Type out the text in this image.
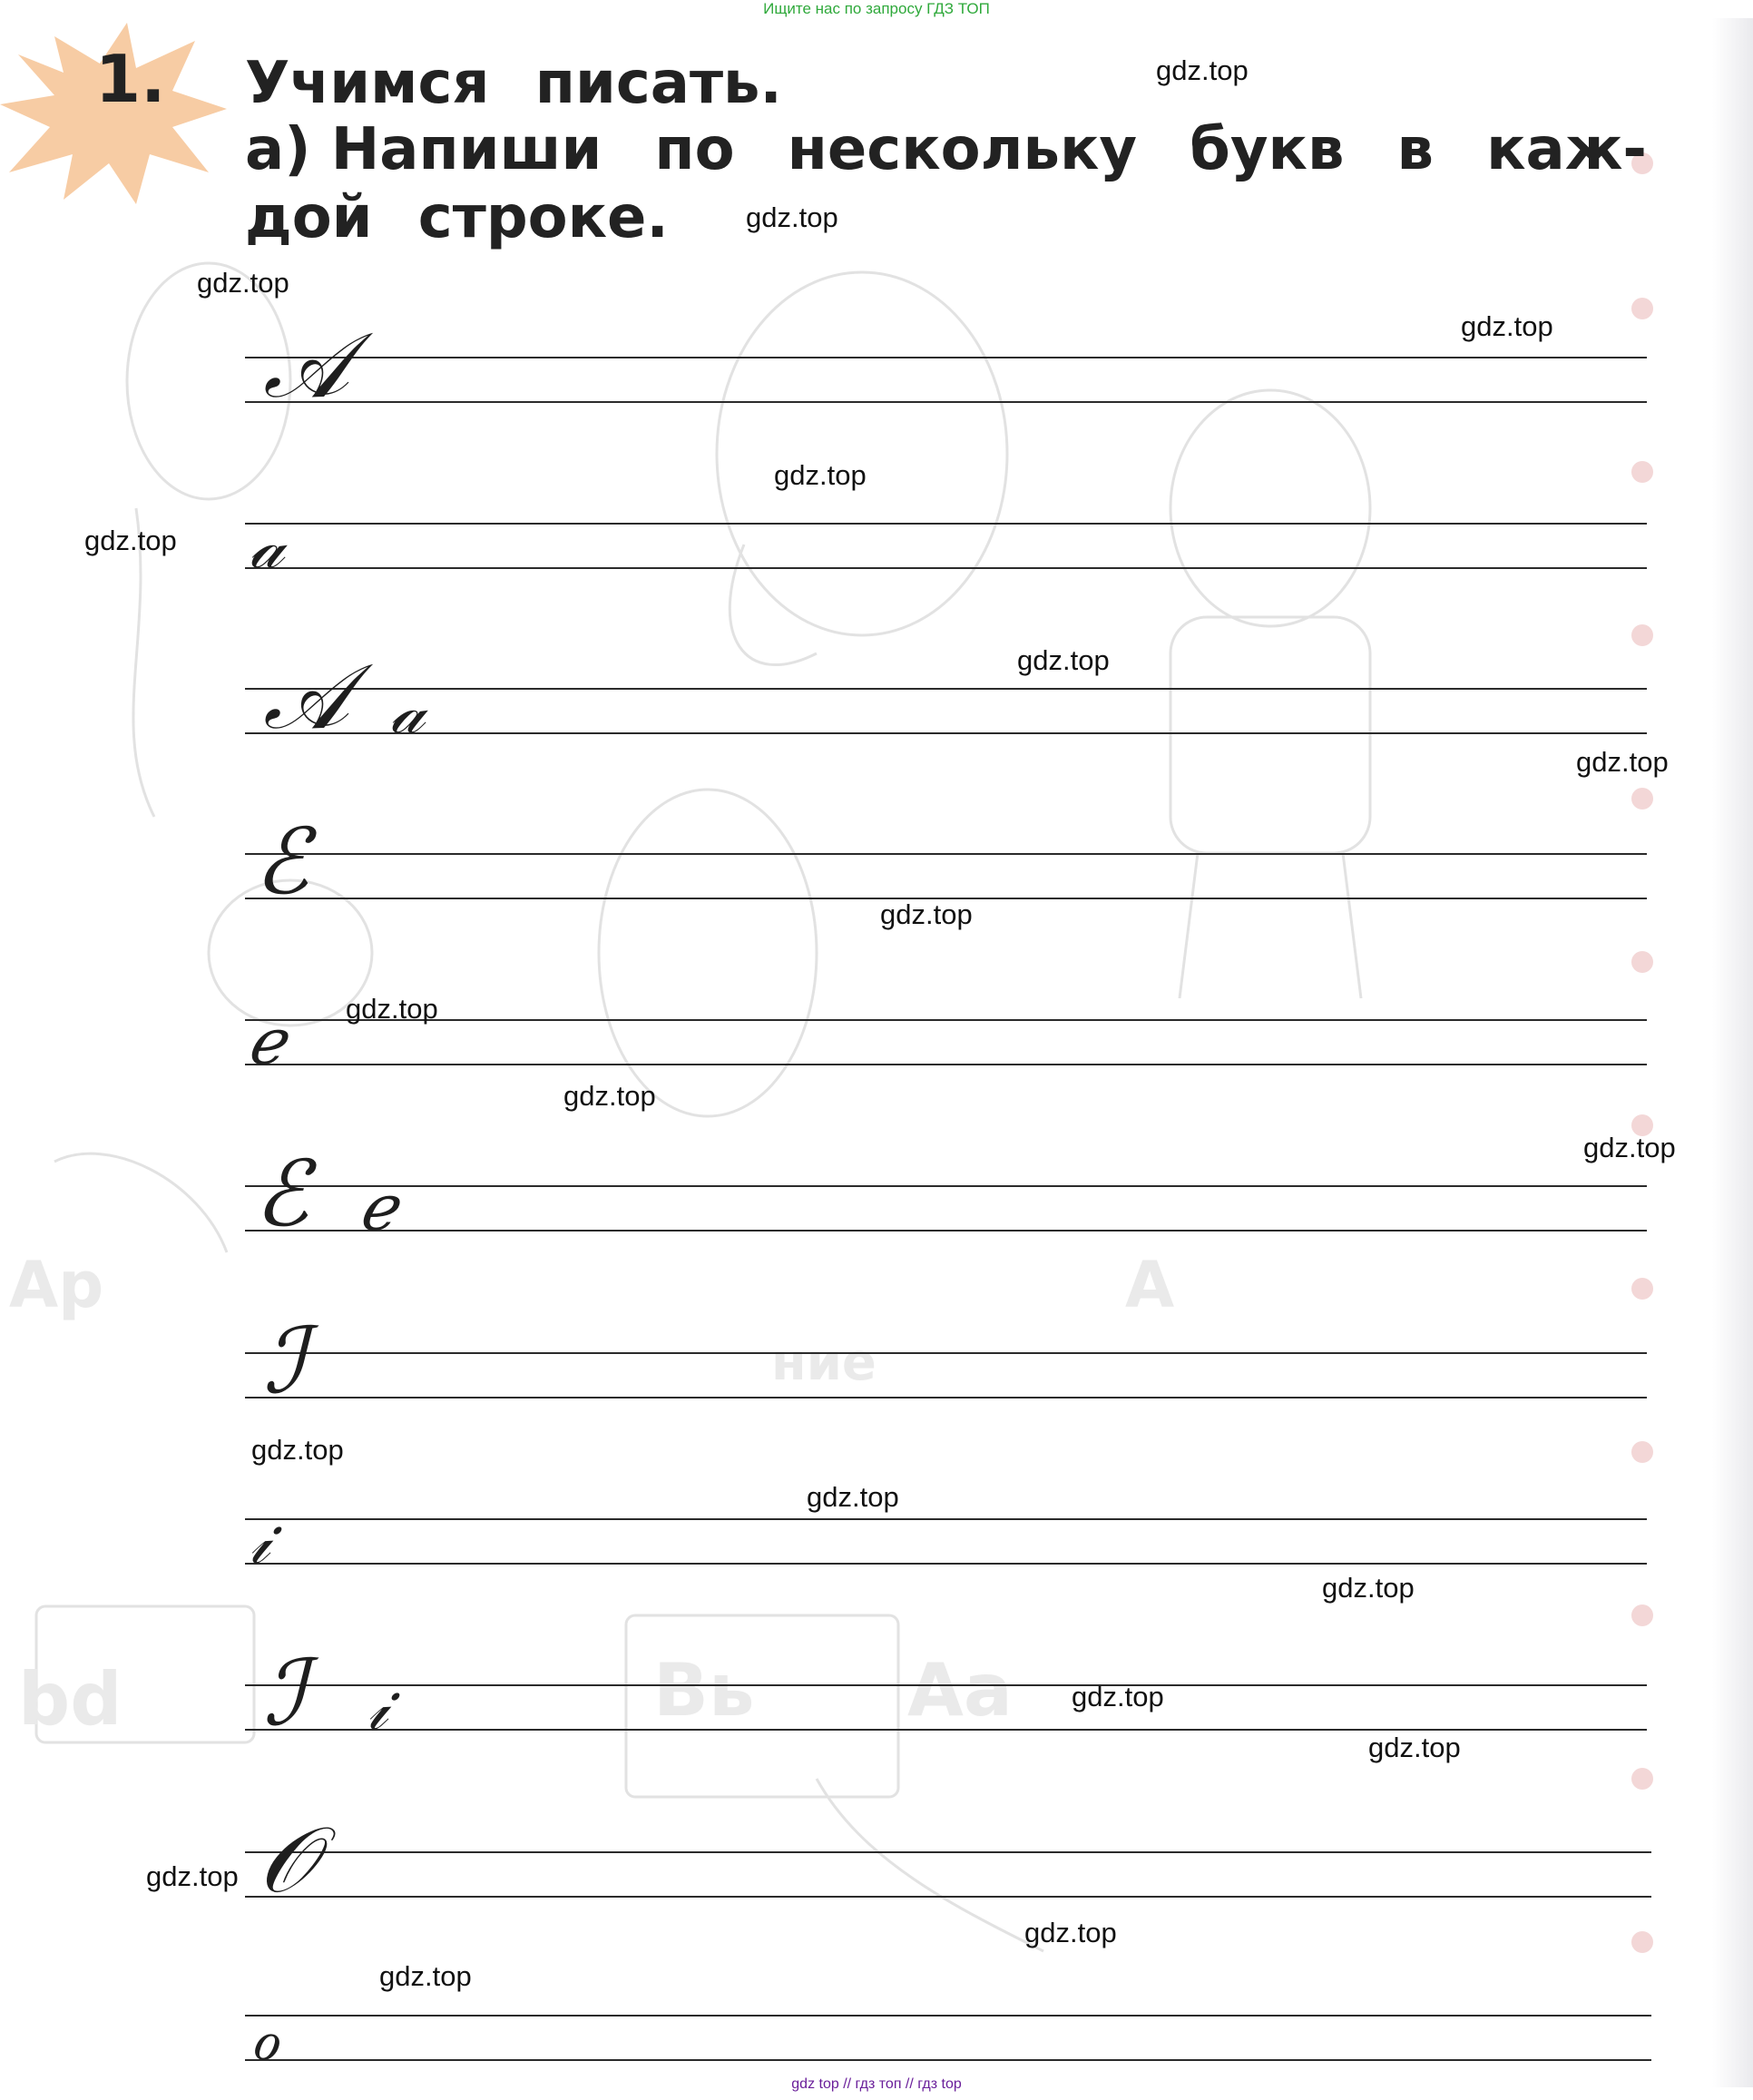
Ищите нас по запросу ГДЗ ТОП
Ар	А
ние
bd	Вь Аа
1. Учимся писать.
а) Напиши по нескольку букв в каж-
дой строке.
𝒜
𝒶
𝒜 𝒶
ℰ
ℯ
ℰ ℯ
ℐ
𝒾
ℐ 𝒾
𝒪
ℴ
gdz.top
gdz.top
gdz.top
gdz.top
gdz.top
gdz.top
gdz.top
gdz.top
gdz.top
gdz.top
gdz.top
gdz.top
gdz.top
gdz.top
gdz.top
gdz.top
gdz.top
gdz.top
gdz.top
gdz.top
gdz top // гдз топ // гдз top
